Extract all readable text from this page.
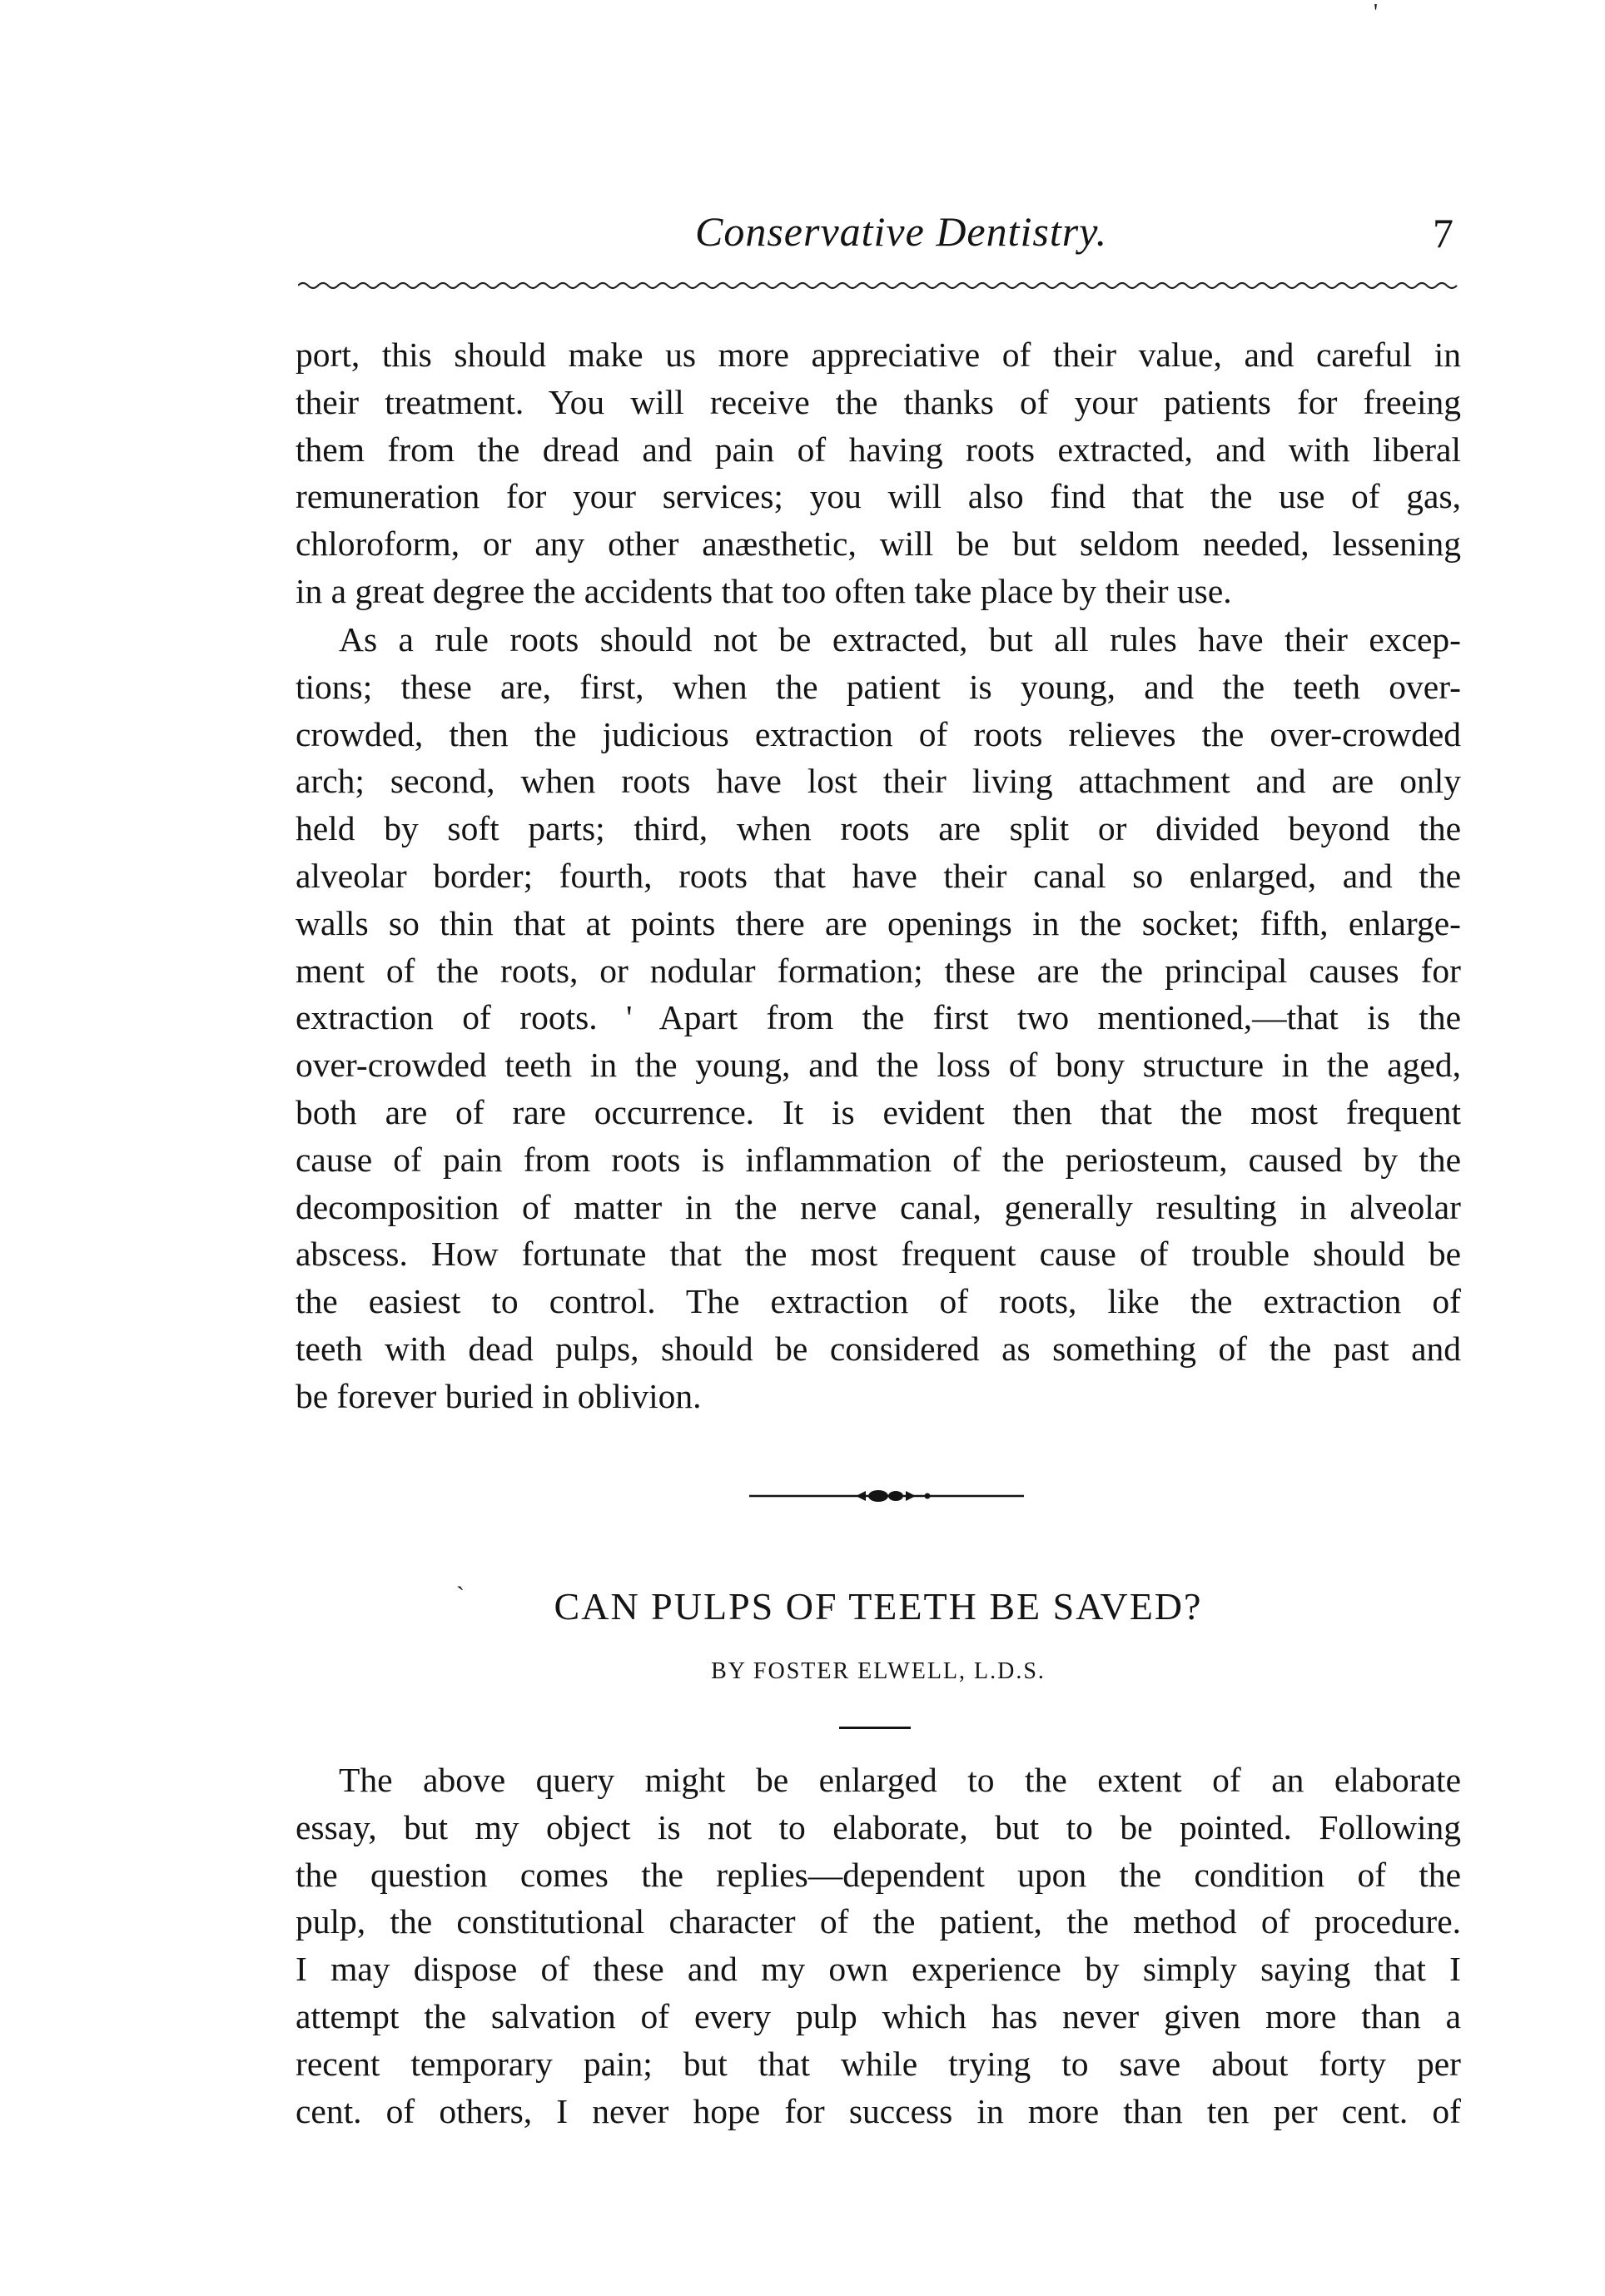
'
Conservative Dentistry.	7
port, this should make us more appreciative of their value, and careful in
their treatment. You will receive the thanks of your patients for freeing
them from the dread and pain of having roots extracted, and with liberal
remuneration for your services; you will also find that the use of gas,
chloroform, or any other anæsthetic, will be but seldom needed, lessening
in a great degree the accidents that too often take place by their use.
As a rule roots should not be extracted, but all rules have their excep-
tions; these are, first, when the patient is young, and the teeth over-
crowded, then the judicious extraction of roots relieves the over-crowded
arch; second, when roots have lost their living attachment and are only
held by soft parts; third, when roots are split or divided beyond the
alveolar border; fourth, roots that have their canal so enlarged, and the
walls so thin that at points there are openings in the socket; fifth, enlarge-
ment of the roots, or nodular formation; these are the principal causes for
extraction of roots. ' Apart from the first two mentioned,—that is the
over-crowded teeth in the young, and the loss of bony structure in the aged,
both are of rare occurrence. It is evident then that the most frequent
cause of pain from roots is inflammation of the periosteum, caused by the
decomposition of matter in the nerve canal, generally resulting in alveolar
abscess. How fortunate that the most frequent cause of trouble should be
the easiest to control. The extraction of roots, like the extraction of
teeth with dead pulps, should be considered as something of the past and
be forever buried in oblivion.
`	CAN PULPS OF TEETH BE SAVED?
BY FOSTER ELWELL, L.D.S.
The above query might be enlarged to the extent of an elaborate
essay, but my object is not to elaborate, but to be pointed. Following
the question comes the replies—dependent upon the condition of the
pulp, the constitutional character of the patient, the method of procedure.
I may dispose of these and my own experience by simply saying that I
attempt the salvation of every pulp which has never given more than a
recent temporary pain; but that while trying to save about forty per
cent. of others, I never hope for success in more than ten per cent. of
